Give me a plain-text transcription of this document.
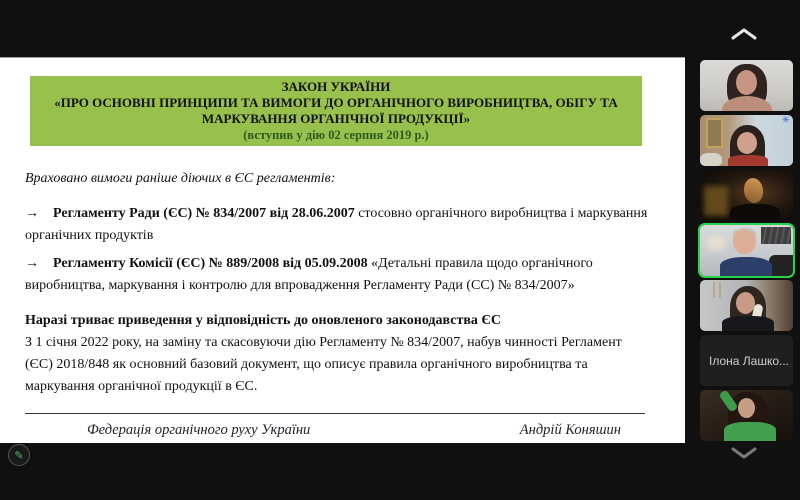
ЗАКОН УКРАЇНИ
«ПРО ОСНОВНІ ПРИНЦИПИ ТА ВИМОГИ ДО ОРГАНІЧНОГО ВИРОБНИЦТВА, ОБІГУ ТА МАРКУВАННЯ ОРГАНІЧНОЇ ПРОДУКЦІЇ»
(вступив у дію 02 серпня 2019 р.)

Враховано вимоги раніше діючих в ЄС регламентів:

→ Регламенту Ради (ЄС) № 834/2007 від 28.06.2007 стосовно органічного виробництва і маркування органічних продуктів

→ Регламенту Комісії (ЄС) № 889/2008 від 05.09.2008 «Детальні правила щодо органічного виробництва, маркування і контролю для впровадження Регламенту Ради (СС) № 834/2007»

Наразі триває приведення у відповідність до оновленого законодавства ЄС

З 1 січня 2022 року, на заміну та скасовуючи дію Регламенту № 834/2007, набув чинності Регламент (ЄС) 2018/848 як основний базовий документ, що описує правила органічного виробництва та маркування органічної продукції в ЄС.

Федерація органічного руху України	Андрій Коняшин
✎
✳
Ілона Лашко...
